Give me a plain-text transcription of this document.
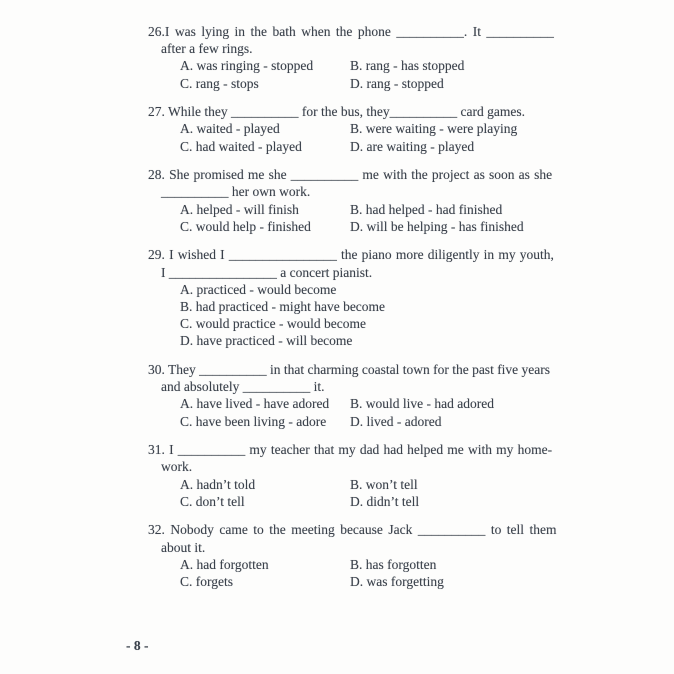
26.I was lying in the bath when the phone __________. It __________
after a few rings.
A. was ringing - stopped	B. rang - has stopped
C. rang - stops	D. rang - stopped
27. While they __________ for the bus, they__________ card games.
A. waited - played	B. were waiting - were playing
C. had waited - played	D. are waiting - played
28. She promised me she __________ me with the project as soon as she
__________ her own work.
A. helped - will finish	B. had helped - had finished
C. would help - finished	D. will be helping - has finished
29. I wished I ________________ the piano more diligently in my youth,
I ________________ a concert pianist.
A. practiced - would become
B. had practiced - might have become
C. would practice - would become
D. have practiced - will become
30. They __________ in that charming coastal town for the past five years
and absolutely __________ it.
A. have lived - have adored	B. would live - had adored
C. have been living - adore	D. lived - adored
31. I __________ my teacher that my dad had helped me with my home-
work.
A. hadn’t told	B. won’t tell
C. don’t tell	D. didn’t tell
32. Nobody came to the meeting because Jack __________ to tell them
about it.
A. had forgotten	B. has forgotten
C. forgets	D. was forgetting
- 8 -
